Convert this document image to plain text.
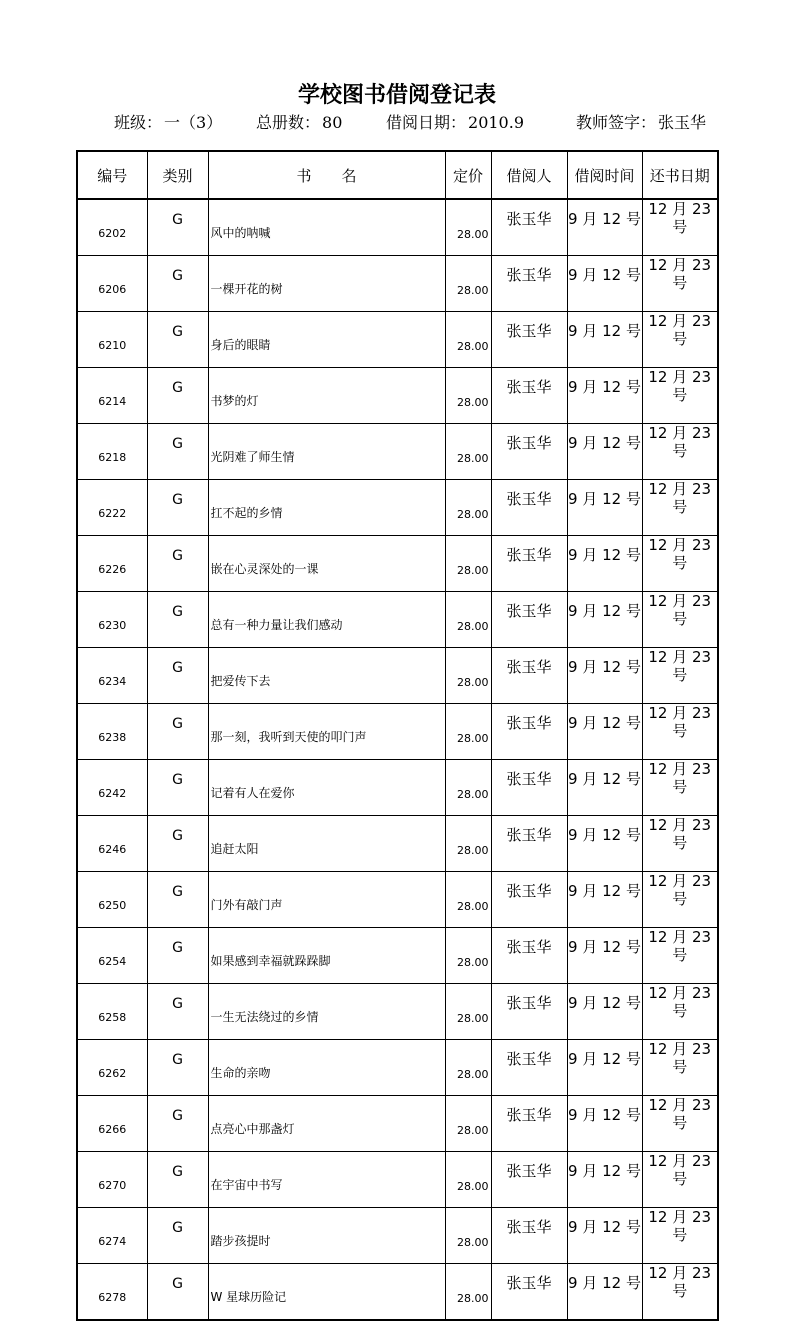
学校图书借阅登记表
班级： 一（3） 总册数： 80	借阅日期： 2010.9	教师签字： 张玉华
编号	类别	书　　名	定价	借阅人	借阅时间	还书日期
6202	G	风中的呐喊	28.00	张玉华	9 月 12 号	12 月 23 号
6206	G	一棵开花的树	28.00	张玉华	9 月 12 号	12 月 23 号
6210	G	身后的眼睛	28.00	张玉华	9 月 12 号	12 月 23 号
6214	G	书梦的灯	28.00	张玉华	9 月 12 号	12 月 23 号
6218	G	光阴难了师生情	28.00	张玉华	9 月 12 号	12 月 23 号
6222	G	扛不起的乡情	28.00	张玉华	9 月 12 号	12 月 23 号
6226	G	嵌在心灵深处的一课	28.00	张玉华	9 月 12 号	12 月 23 号
6230	G	总有一种力量让我们感动	28.00	张玉华	9 月 12 号	12 月 23 号
6234	G	把爱传下去	28.00	张玉华	9 月 12 号	12 月 23 号
6238	G	那一刻，我听到天使的叩门声	28.00	张玉华	9 月 12 号	12 月 23 号
6242	G	记着有人在爱你	28.00	张玉华	9 月 12 号	12 月 23 号
6246	G	追赶太阳	28.00	张玉华	9 月 12 号	12 月 23 号
6250	G	门外有敲门声	28.00	张玉华	9 月 12 号	12 月 23 号
6254	G	如果感到幸福就跺跺脚	28.00	张玉华	9 月 12 号	12 月 23 号
6258	G	一生无法绕过的乡情	28.00	张玉华	9 月 12 号	12 月 23 号
6262	G	生命的亲吻	28.00	张玉华	9 月 12 号	12 月 23 号
6266	G	点亮心中那盏灯	28.00	张玉华	9 月 12 号	12 月 23 号
6270	G	在宇宙中书写	28.00	张玉华	9 月 12 号	12 月 23 号
6274	G	踏步孩提时	28.00	张玉华	9 月 12 号	12 月 23 号
6278	G	W 星球历险记	28.00	张玉华	9 月 12 号	12 月 23 号
